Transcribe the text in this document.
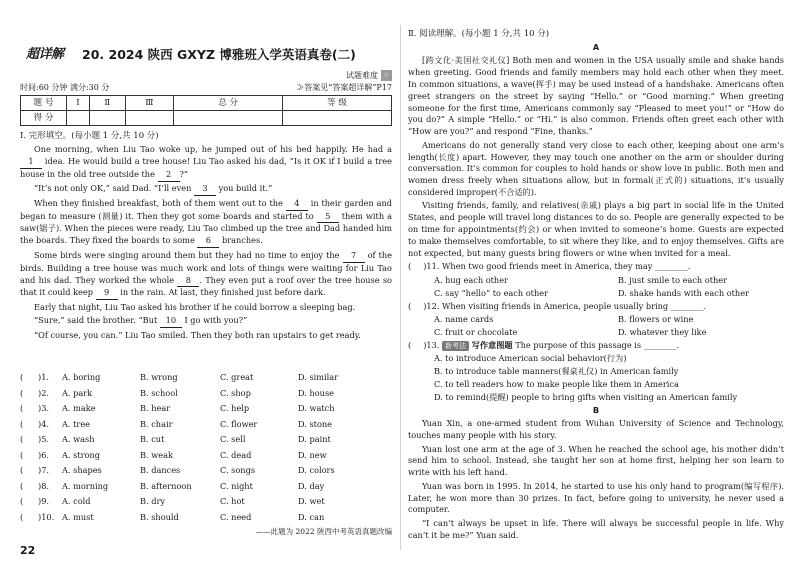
超详解 20. 2024 陕西 GXYZ 博雅班入学英语真卷(二)
试题难度 ☆
时间:60 分钟 满分:30 分	≫答案见“答案超详解”P17
题 号	Ⅰ	Ⅱ	Ⅲ	总 分	等 级
得 分					

Ⅰ. 完形填空。(每小题 1 分,共 10 分)

One morning, when Liu Tao woke up, he jumped out of his bed happily. He had a 1 idea. He would build a tree house! Liu Tao asked his dad, “Is it OK if I build a tree house in the old tree outside the 2 ?”

“It’s not only OK,” said Dad. “I’ll even 3 you build it.”

When they finished breakfast, both of them went out to the 4 in their garden and began to measure (测量) it. Then they got some boards and started to 5 them with a saw(锯子). When the pieces were ready, Liu Tao climbed up the tree and Dad handed him the boards. They fixed the boards to some 6 branches.

Some birds were singing around them but they had no time to enjoy the 7 of the birds. Building a tree house was much work and lots of things were waiting for Liu Tao and his dad. They worked the whole 8 . They even put a roof over the tree house so that it could keep 9 in the rain. At last, they finished just before dark.

Early that night, Liu Tao asked his brother if he could borrow a sleeping bag.

“Sure,” said the brother. “But 10 I go with you?”

“Of course, you can.” Liu Tao smiled. Then they both ran upstairs to get ready.

( )1. A. boring	B. wrong	C. great	D. similar
( )2. A. park	B. school	C. shop	D. house
( )3. A. make	B. hear	C. help	D. watch
( )4. A. tree	B. chair	C. flower	D. stone
( )5. A. wash	B. cut	C. sell	D. paint
( )6. A. strong	B. weak	C. dead	D. new
( )7. A. shapes	B. dances	C. songs	D. colors
( )8. A. morning	B. afternoon	C. night	D. day
( )9. A. cold	B. dry	C. hot	D. wet
( )10. A. must	B. should	C. need	D. can
——此题为 2022 陕西中考英语真题改编
22

Ⅱ. 阅读理解。(每小题 1 分,共 10 分)

A

[跨文化·美国社交礼仪] Both men and women in the USA usually smile and shake hands when greeting. Good friends and family members may hold each other when they meet. In common situations, a wave(挥手) may be used instead of a handshake. Americans often greet strangers on the street by saying “Hello.” or “Good morning.” When greeting someone for the first time, Americans commonly say “Pleased to meet you!” or “How do you do?” A simple “Hello.” or “Hi.” is also common. Friends often greet each other with “How are you?” and respond “Fine, thanks.”

Americans do not generally stand very close to each other, keeping about one arm’s length(长度) apart. However, they may touch one another on the arm or shoulder during conversation. It’s common for couples to hold hands or show love in public. Both men and women dress freely when situations allow, but in formal(正式的) situations, it’s usually considered improper(不合适的).

Visiting friends, family, and relatives(亲戚) plays a big part in social life in the United States, and people will travel long distances to do so. People are generally expected to be on time for appointments(约会) or when invited to someone’s home. Guests are expected to make themselves comfortable, to sit where they like, and to enjoy themselves. Gifts are not expected, but many guests bring flowers or wine when invited for a meal.

( )11. When two good friends meet in America, they may ________.

A. hug each other	B. just smile to each other
C. say “hello” to each other	D. shake hands with each other

( )12. When visiting friends in America, people usually bring ________.

A. name cards	B. flowers or wine
C. fruit or chocolate	D. whatever they like

( )13. 新考法 写作意图题 The purpose of this passage is ________.

A. to introduce American social behavior(行为)
B. to introduce table manners(餐桌礼仪) in American family
C. to tell readers how to make people like them in America
D. to remind(提醒) people to bring gifts when visiting an American family

B

Yuan Xin, a one-armed student from Wuhan University of Science and Technology, touches many people with his story.

Yuan lost one arm at the age of 3. When he reached the school age, his mother didn’t send him to school. Instead, she taught her son at home first, helping her son learn to write with his left hand.

Yuan was born in 1995. In 2014, he started to use his only hand to program(编写程序). Later, he won more than 30 prizes. In fact, before going to university, he never used a computer.

“I can’t always be upset in life. There will always be successful people in life. Why can’t it be me?” Yuan said.
